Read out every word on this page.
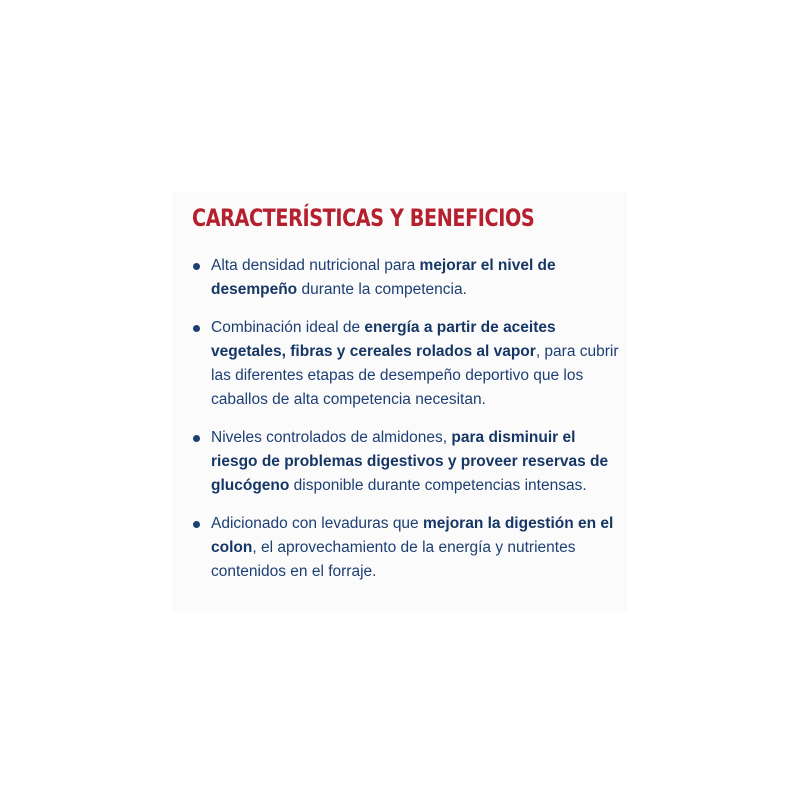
CARACTERÍSTICAS Y BENEFICIOS
Alta densidad nutricional para mejorar el nivel de desempeño durante la competencia.
Combinación ideal de energía a partir de aceites vegetales, fibras y cereales rolados al vapor, para cubrir las diferentes etapas de desempeño deportivo que los caballos de alta competencia necesitan.
Niveles controlados de almidones, para disminuir el riesgo de problemas digestivos y proveer reservas de glucógeno disponible durante competencias intensas.
Adicionado con levaduras que mejoran la digestión en el colon, el aprovechamiento de la energía y nutrientes contenidos en el forraje.
